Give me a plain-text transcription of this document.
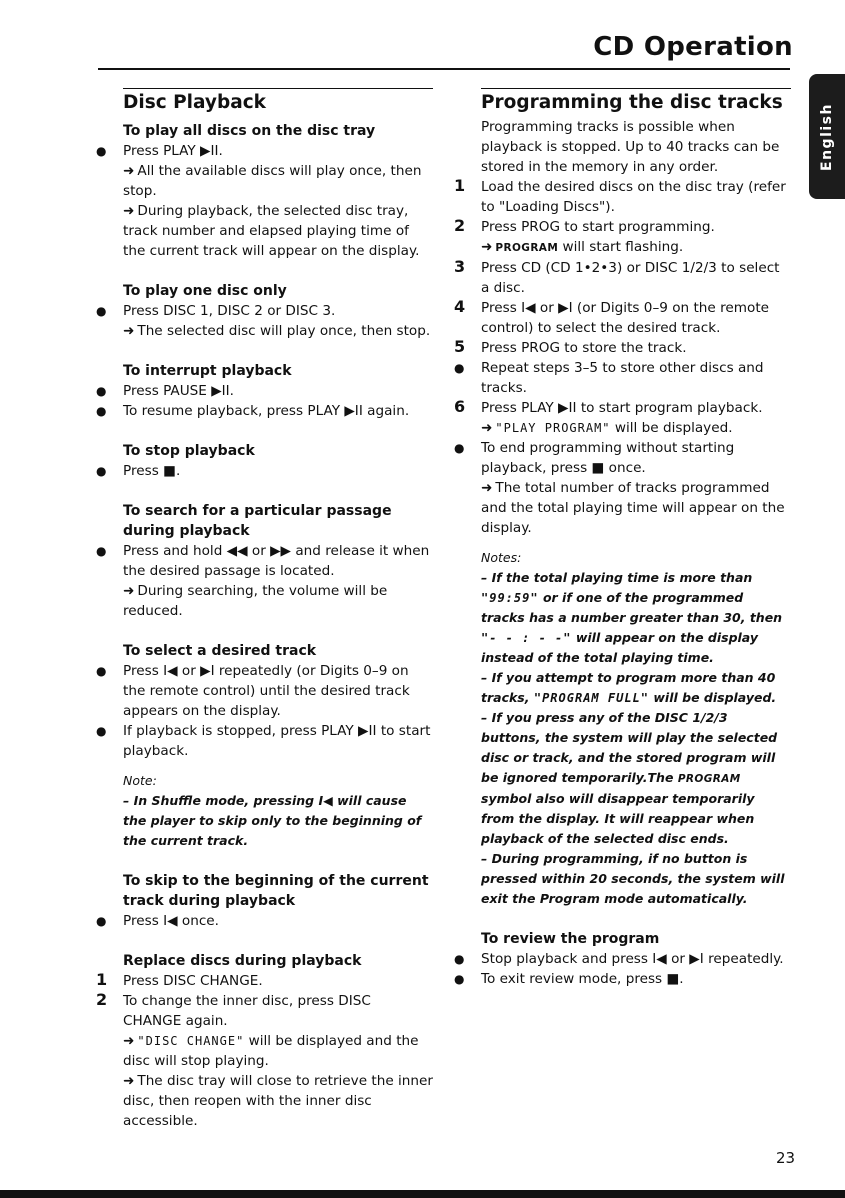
CD Operation
English
Disc Playback
To play all discs on the disc tray

● Press PLAY ▶II.

➜ All the available discs will play once, then stop.

➜ During playback, the selected disc tray, track number and elapsed playing time of the current track will appear on the display.

To play one disc only

● Press DISC 1, DISC 2 or DISC 3.

➜ The selected disc will play once, then stop.

To interrupt playback

● Press PAUSE ▶II.

● To resume playback, press PLAY ▶II again.

To stop playback

● Press ■.

To search for a particular passage during playback

● Press and hold ◀◀ or ▶▶ and release it when the desired passage is located.

➜ During searching, the volume will be reduced.

To select a desired track

● Press I◀ or ▶I repeatedly (or Digits 0–9 on the remote control) until the desired track appears on the display.

● If playback is stopped, press PLAY ▶II to start playback.

Note:

– In Shuffle mode, pressing I◀ will cause the player to skip only to the beginning of the current track.

To skip to the beginning of the current track during playback

● Press I◀ once.

Replace discs during playback

1 Press DISC CHANGE.

2 To change the inner disc, press DISC CHANGE again.

➜ "DISC CHANGE" will be displayed and the disc will stop playing.

➜ The disc tray will close to retrieve the inner disc, then reopen with the inner disc accessible.

Programming the disc tracks

Programming tracks is possible when playback is stopped. Up to 40 tracks can be stored in the memory in any order.

1 Load the desired discs on the disc tray (refer to "Loading Discs").

2 Press PROG to start programming.

➜ PROGRAM will start flashing.

3 Press CD (CD 1•2•3) or DISC 1/2/3 to select a disc.

4 Press I◀ or ▶I (or Digits 0–9 on the remote control) to select the desired track.

5 Press PROG to store the track.

● Repeat steps 3–5 to store other discs and tracks.

6 Press PLAY ▶II to start program playback.

➜ "PLAY PROGRAM" will be displayed.

● To end programming without starting playback, press ■ once.

➜ The total number of tracks programmed and the total playing time will appear on the display.

Notes:

– If the total playing time is more than "99:59" or if one of the programmed tracks has a number greater than 30, then "- - : - -" will appear on the display instead of the total playing time.

– If you attempt to program more than 40 tracks, "PROGRAM FULL" will be displayed.

– If you press any of the DISC 1/2/3 buttons, the system will play the selected disc or track, and the stored program will be ignored temporarily.The PROGRAM symbol also will disappear temporarily from the display. It will reappear when playback of the selected disc ends.

– During programming, if no button is pressed within 20 seconds, the system will exit the Program mode automatically.

To review the program

● Stop playback and press I◀ or ▶I repeatedly.

● To exit review mode, press ■.

23
